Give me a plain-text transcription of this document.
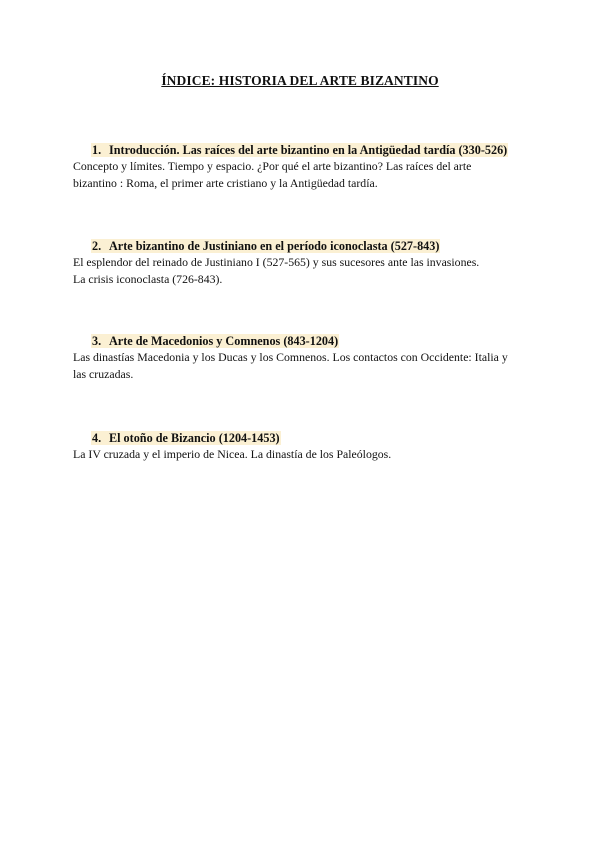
ÍNDICE: HISTORIA DEL ARTE BIZANTINO
1. Introducción. Las raíces del arte bizantino en la Antigüedad tardía (330-526)

Concepto y límites. Tiempo y espacio. ¿Por qué el arte bizantino? Las raíces del arte
bizantino : Roma, el primer arte cristiano y la Antigüedad tardía.

2. Arte bizantino de Justiniano en el período iconoclasta (527-843)

El esplendor del reinado de Justiniano I (527-565) y sus sucesores ante las invasiones.
La crisis iconoclasta (726-843).

3. Arte de Macedonios y Comnenos (843-1204)

Las dinastías Macedonia y los Ducas y los Comnenos. Los contactos con Occidente: Italia y
las cruzadas.

4. El otoño de Bizancio (1204-1453)

La IV cruzada y el imperio de Nicea. La dinastía de los Paleólogos.
